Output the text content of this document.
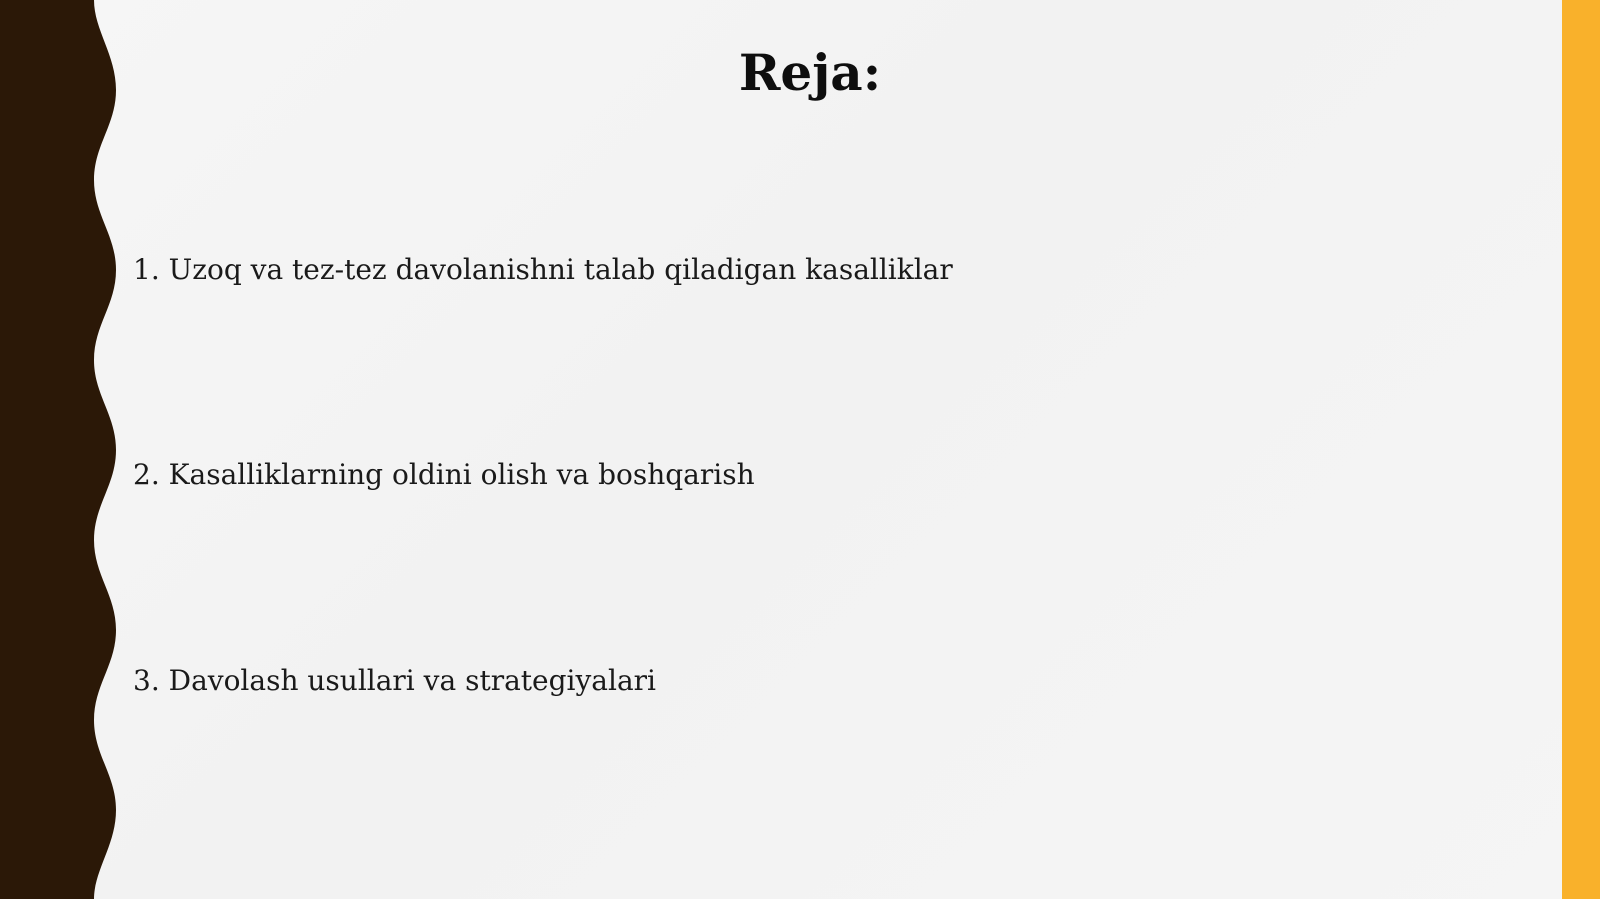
Reja:

1. Uzoq va tez-tez davolanishni talab qiladigan kasalliklar

2. Kasalliklarning oldini olish va boshqarish

3. Davolash usullari va strategiyalari
